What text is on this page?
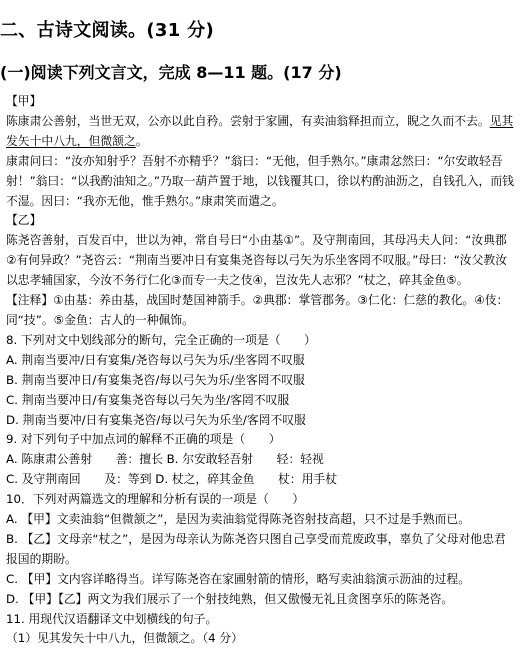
二、古诗文阅读。(31 分)
(一)阅读下列文言文，完成 8—11 题。(17 分)

【甲】

陈康肃公善射，当世无双，公亦以此自矜。尝射于家圃，有卖油翁释担而立，睨之久而不去。见其发矢十中八九，但微颔之。

康肃问曰：“汝亦知射乎？吾射不亦精乎？”翁曰：“无他，但手熟尔。”康肃忿然曰：“尔安敢轻吾射！”翁曰：“以我酌油知之。”乃取一葫芦置于地，以钱覆其口，徐以杓酌油沥之，自钱孔入，而钱不湿。因曰：“我亦无他，惟手熟尔。”康肃笑而遣之。

【乙】

陈尧咨善射，百发百中，世以为神，常自号曰“小由基①”。及守荆南回，其母冯夫人问：“汝典郡②有何异政？”尧咨云：“荆南当要冲日有宴集尧咨每以弓矢为乐坐客罔不叹服。”母曰：“汝父教汝以忠孝辅国家，今汝不务行仁化③而专一夫之伎④，岂汝先人志邪？”杖之，碎其金鱼⑤。

【注释】①由基：养由基，战国时楚国神箭手。②典郡：掌管郡务。③仁化：仁慈的教化。④伎：同“技”。⑤金鱼：古人的一种佩饰。

8. 下列对文中划线部分的断句，完全正确的一项是（　　）

A. 荆南当要冲/日有宴集/尧咨每以弓矢为乐/坐客罔不叹服

B. 荆南当要冲日/有宴集尧咨/每以弓矢为乐/坐客罔不叹服

C. 荆南当要冲日/有宴集尧咨每以弓矢为坐/客罔不叹服

D. 荆南当要冲/日有宴集尧咨/每以弓矢为乐坐/客罔不叹服

9. 对下列句子中加点词的解释不正确的项是（　　）

A. 陈康肃公善射　　善：擅长 B. 尔安敢轻吾射　　轻：轻视

C. 及守荆南回　　及：等到 D. 杖之，碎其金鱼　　杖：用手杖

10．下列对两篇选文的理解和分析有误的一项是（　　）

A. 【甲】文卖油翁“但微颔之”，是因为卖油翁觉得陈尧咨射技高超，只不过是手熟而已。

B. 【乙】文母亲“杖之”，是因为母亲认为陈尧咨只图自己享受而荒废政事，辜负了父母对他忠君报国的期盼。

C. 【甲】文内容详略得当。详写陈尧咨在家圃射箭的情形，略写卖油翁演示沥油的过程。

D. 【甲】【乙】两文为我们展示了一个射技纯熟，但又傲慢无礼且贪图享乐的陈尧咨。

11. 用现代汉语翻译文中划横线的句子。

（1）见其发矢十中八九，但微颔之。（4 分）
